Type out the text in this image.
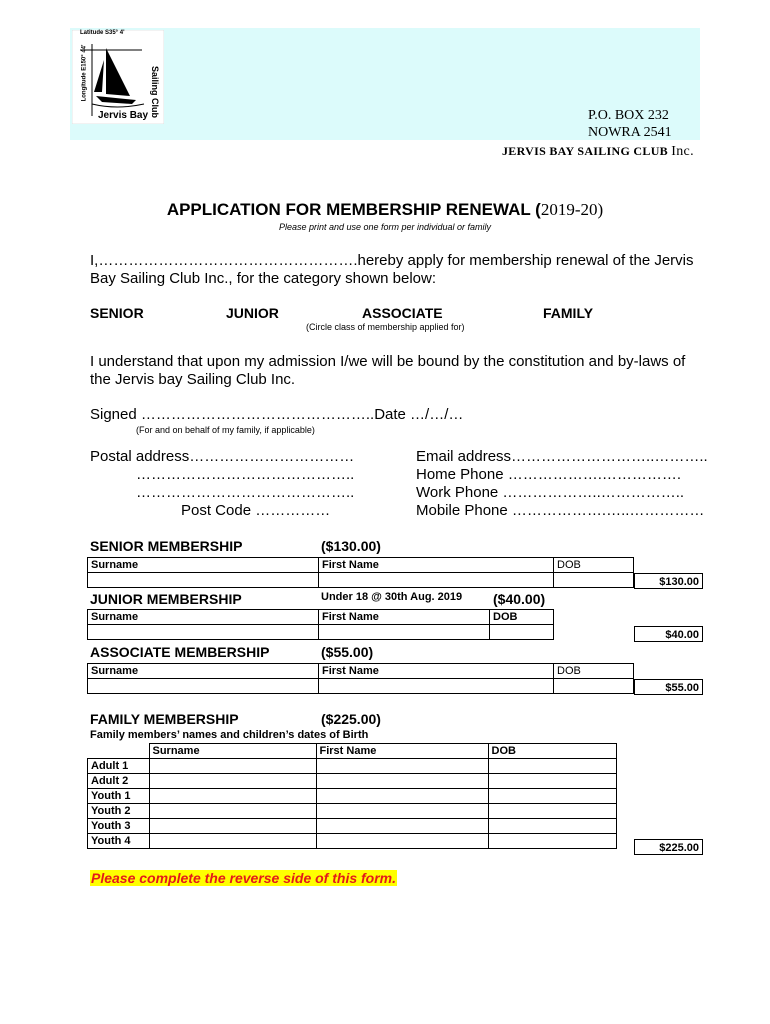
Latitude S35° 4'
Longitude E150° 44'	Sailing Club
Jervis Bay	P.O. BOX 232
NOWRA 2541
JERVIS BAY SAILING CLUB Inc.
APPLICATION FOR MEMBERSHIP RENEWAL (2019-20)
Please print and use one form per individual or family
I,…………………………………………….hereby apply for membership renewal of the Jervis
Bay Sailing Club Inc., for the category shown below:
SENIOR	JUNIOR	ASSOCIATE	FAMILY
(Circle class of membership applied for)
I understand that upon my admission I/we will be bound by the constitution and by-laws of
the Jervis bay Sailing Club Inc.
Signed ………………………………………..Date …/…/…
(For and on behalf of my family, if applicable)
Postal address……………………………
……………………………………..
……………………………………..
Post Code ……………
Email address………………………..………..
Home Phone ……………….…………….
Work Phone ………………..……………..
Mobile Phone ……………….…..……………
SENIOR MEMBERSHIP	($130.00)
Surname	First Name	DOB

$130.00
JUNIOR MEMBERSHIP	Under 18 @ 30th Aug. 2019 ($40.00)
Surname	First Name	DOB

$40.00
ASSOCIATE MEMBERSHIP	($55.00)
Surname	First Name	DOB

$55.00
FAMILY MEMBERSHIP	($225.00)
Family members’ names and children’s dates of Birth
	Surname	First Name	DOB
Adult 1			
Adult 2			
Youth 1			
Youth 2			
Youth 3			
Youth 4			
$225.00
Please complete the reverse side of this form.
